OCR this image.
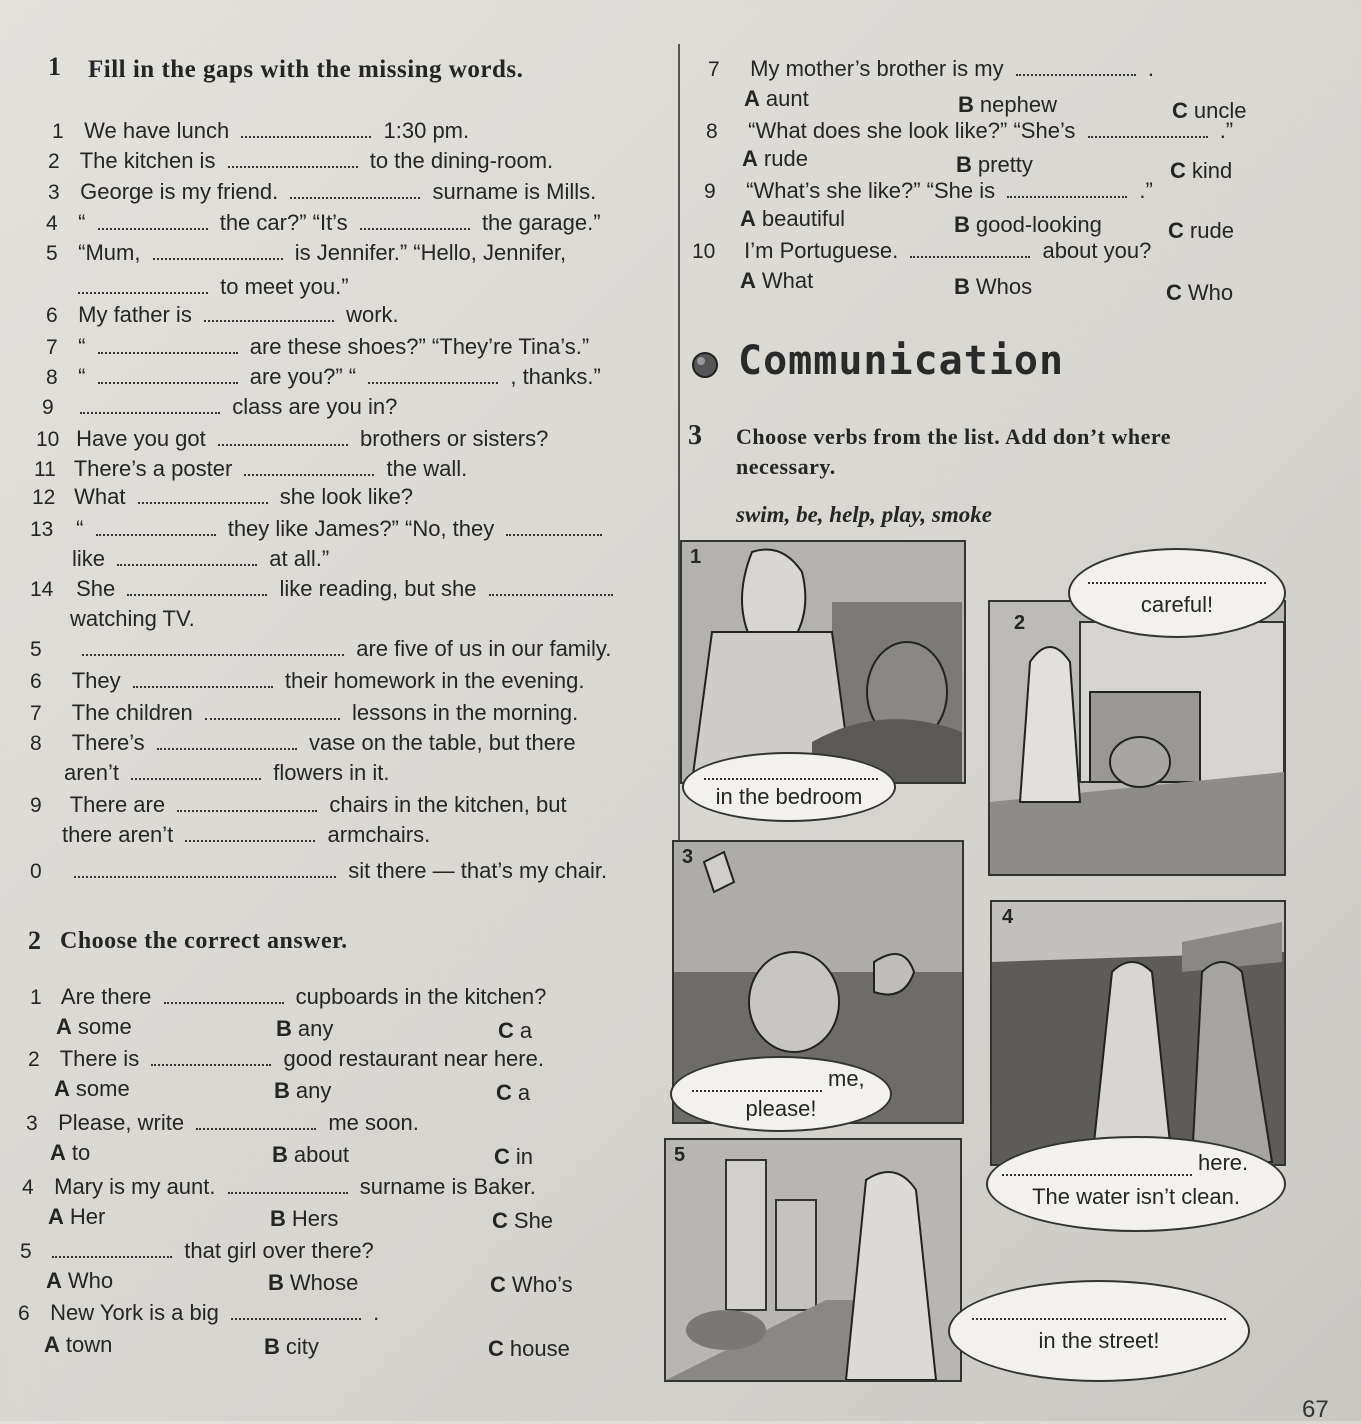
1 Fill in the gaps with the missing words.
1 We have lunch	1:30 pm.
2 The kitchen is	to the dining-room.
3 George is my friend.	surname is Mills.
4 “	the car?” “It’s	the garage.”
5 “Mum,	is Jennifer.” “Hello, Jennifer,
to meet you.”
6 My father is	work.
7 “	are these shoes?” “They’re Tina’s.”
8 “	are you?” “	, thanks.”
9	class are you in?
10 Have you got	brothers or sisters?
11 There’s a poster	the wall.
12 What	she look like?
13 “	they like James?” “No, they
like	at all.”
14 She	like reading, but she
watching TV.
5	are five of us in our family.
6 They	their homework in the evening.
7 The children	lessons in the morning.
8 There’s	vase on the table, but there
aren’t	flowers in it.
9 There are	chairs in the kitchen, but
there aren’t	armchairs.
0	sit there — that’s my chair.
2 Choose the correct answer.
1 Are there	cupboards in the kitchen?
A some	B any	C a
2 There is	good restaurant near here.
A some	B any	C a
3 Please, write	me soon.
A to	B about	C in
4 Mary is my aunt.	surname is Baker.
A Her	B Hers	C She
5	that girl over there?
A Who	B Whose	C Who’s
6 New York is a big	.
A town	B city	C house
7 My mother’s brother is my	.
A aunt	B nephew	C uncle
8 “What does she look like?” “She’s	.”
A rude	B pretty	C kind
9 “What’s she like?” “She is	.”
A beautiful	B good-looking	C rude
10 I’m Portuguese.	about you?
A What	B Whos	C Who
Communication
3 Choose verbs from the list. Add don’t where
necessary.
swim, be, help, play, smoke
1
in the bedroom
2
careful!
3
me,
please!
4
here.
The water isn’t clean.
5
in the street!
67
